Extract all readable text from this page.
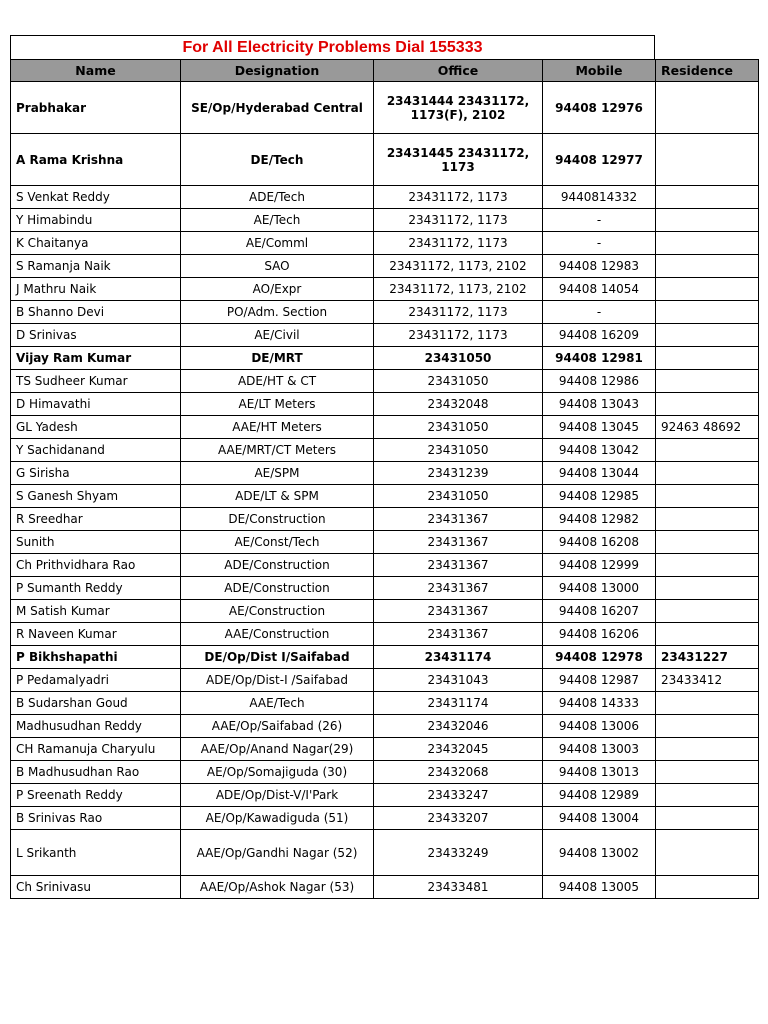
For All Electricity Problems Dial 155333
Name	Designation	Office	Mobile	Residence
Prabhakar	SE/Op/Hyderabad Central	23431444 23431172, 1173(F), 2102	94408 12976	
A Rama Krishna	DE/Tech	23431445 23431172, 1173	94408 12977	
S Venkat Reddy	ADE/Tech	23431172, 1173	9440814332	
Y Himabindu	AE/Tech	23431172, 1173	-	
K Chaitanya	AE/Comml	23431172, 1173	-	
S Ramanja Naik	SAO	23431172, 1173, 2102	94408 12983	
J Mathru Naik	AO/Expr	23431172, 1173, 2102	94408 14054	
B Shanno Devi	PO/Adm. Section	23431172, 1173	-	
D Srinivas	AE/Civil	23431172, 1173	94408 16209	
Vijay Ram Kumar	DE/MRT	23431050	94408 12981	
TS Sudheer Kumar	ADE/HT & CT	23431050	94408 12986	
D Himavathi	AE/LT Meters	23432048	94408 13043	
GL Yadesh	AAE/HT Meters	23431050	94408 13045	92463 48692
Y Sachidanand	AAE/MRT/CT Meters	23431050	94408 13042	
G Sirisha	AE/SPM	23431239	94408 13044	
S Ganesh Shyam	ADE/LT & SPM	23431050	94408 12985	
R Sreedhar	DE/Construction	23431367	94408 12982	
Sunith	AE/Const/Tech	23431367	94408 16208	
Ch Prithvidhara Rao	ADE/Construction	23431367	94408 12999	
P Sumanth Reddy	ADE/Construction	23431367	94408 13000	
M Satish Kumar	AE/Construction	23431367	94408 16207	
R Naveen Kumar	AAE/Construction	23431367	94408 16206	
P Bikhshapathi	DE/Op/Dist I/Saifabad	23431174	94408 12978	23431227
P Pedamalyadri	ADE/Op/Dist-I /Saifabad	23431043	94408 12987	23433412
B Sudarshan Goud	AAE/Tech	23431174	94408 14333	
Madhusudhan Reddy	AAE/Op/Saifabad (26)	23432046	94408 13006	
CH Ramanuja Charyulu	AAE/Op/Anand Nagar(29)	23432045	94408 13003	
B Madhusudhan Rao	AE/Op/Somajiguda (30)	23432068	94408 13013	
P Sreenath Reddy	ADE/Op/Dist-V/I'Park	23433247	94408 12989	
B Srinivas Rao	AE/Op/Kawadiguda (51)	23433207	94408 13004	
L Srikanth	AAE/Op/Gandhi Nagar (52)	23433249	94408 13002	
Ch Srinivasu	AAE/Op/Ashok Nagar (53)	23433481	94408 13005	
